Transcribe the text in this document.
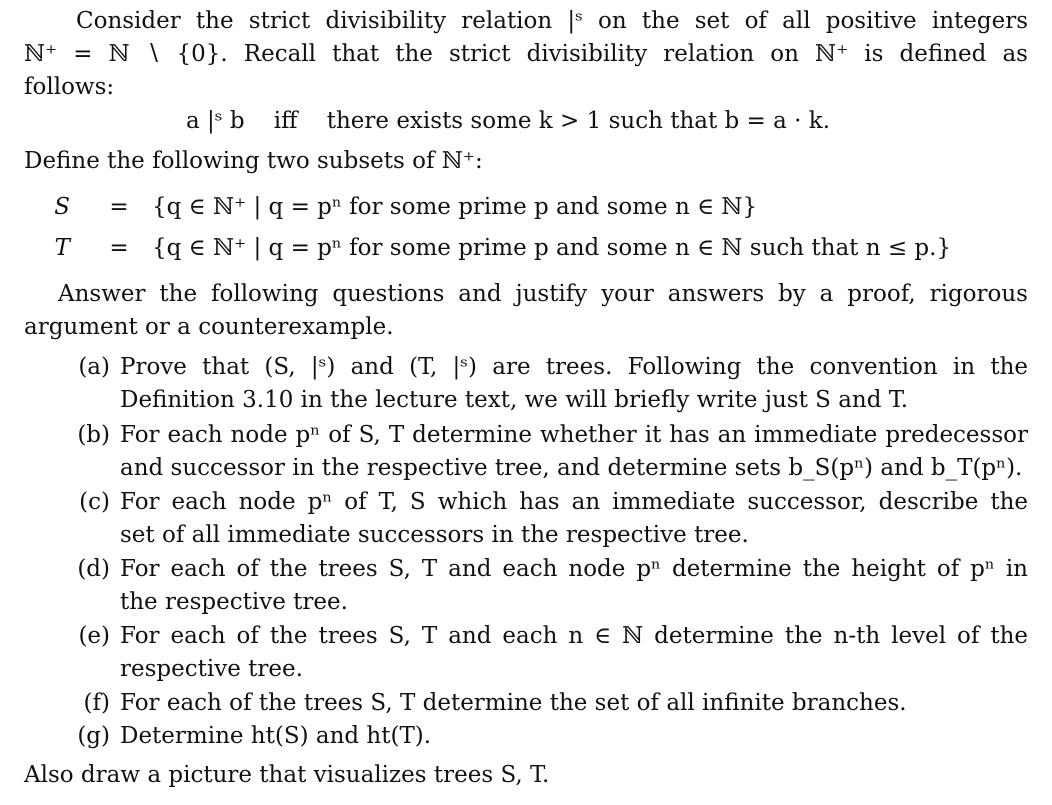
Consider the strict divisibility relation |ˢ on the set of all positive integers
ℕ⁺ = ℕ ∖ {0}. Recall that the strict divisibility relation on ℕ⁺ is defined as
follows:
a |ˢ b    iff    there exists some k > 1 such that b = a · k.
Define the following two subsets of ℕ⁺:
S = {q ∈ ℕ⁺ | q = pⁿ for some prime p and some n ∈ ℕ}
T = {q ∈ ℕ⁺ | q = pⁿ for some prime p and some n ∈ ℕ such that n ≤ p.}
Answer the following questions and justify your answers by a proof, rigorous
argument or a counterexample.
(a) Prove that (S, |ˢ) and (T, |ˢ) are trees. Following the convention in the
Definition 3.10 in the lecture text, we will briefly write just S and T.
(b) For each node pⁿ of S, T determine whether it has an immediate predecessor
and successor in the respective tree, and determine sets b_S(pⁿ) and b_T(pⁿ).
(c) For each node pⁿ of T, S which has an immediate successor, describe the
set of all immediate successors in the respective tree.
(d) For each of the trees S, T and each node pⁿ determine the height of pⁿ in
the respective tree.
(e) For each of the trees S, T and each n ∈ ℕ determine the n-th level of the
respective tree.
(f) For each of the trees S, T determine the set of all infinite branches.
(g) Determine ht(S) and ht(T).
Also draw a picture that visualizes trees S, T.
